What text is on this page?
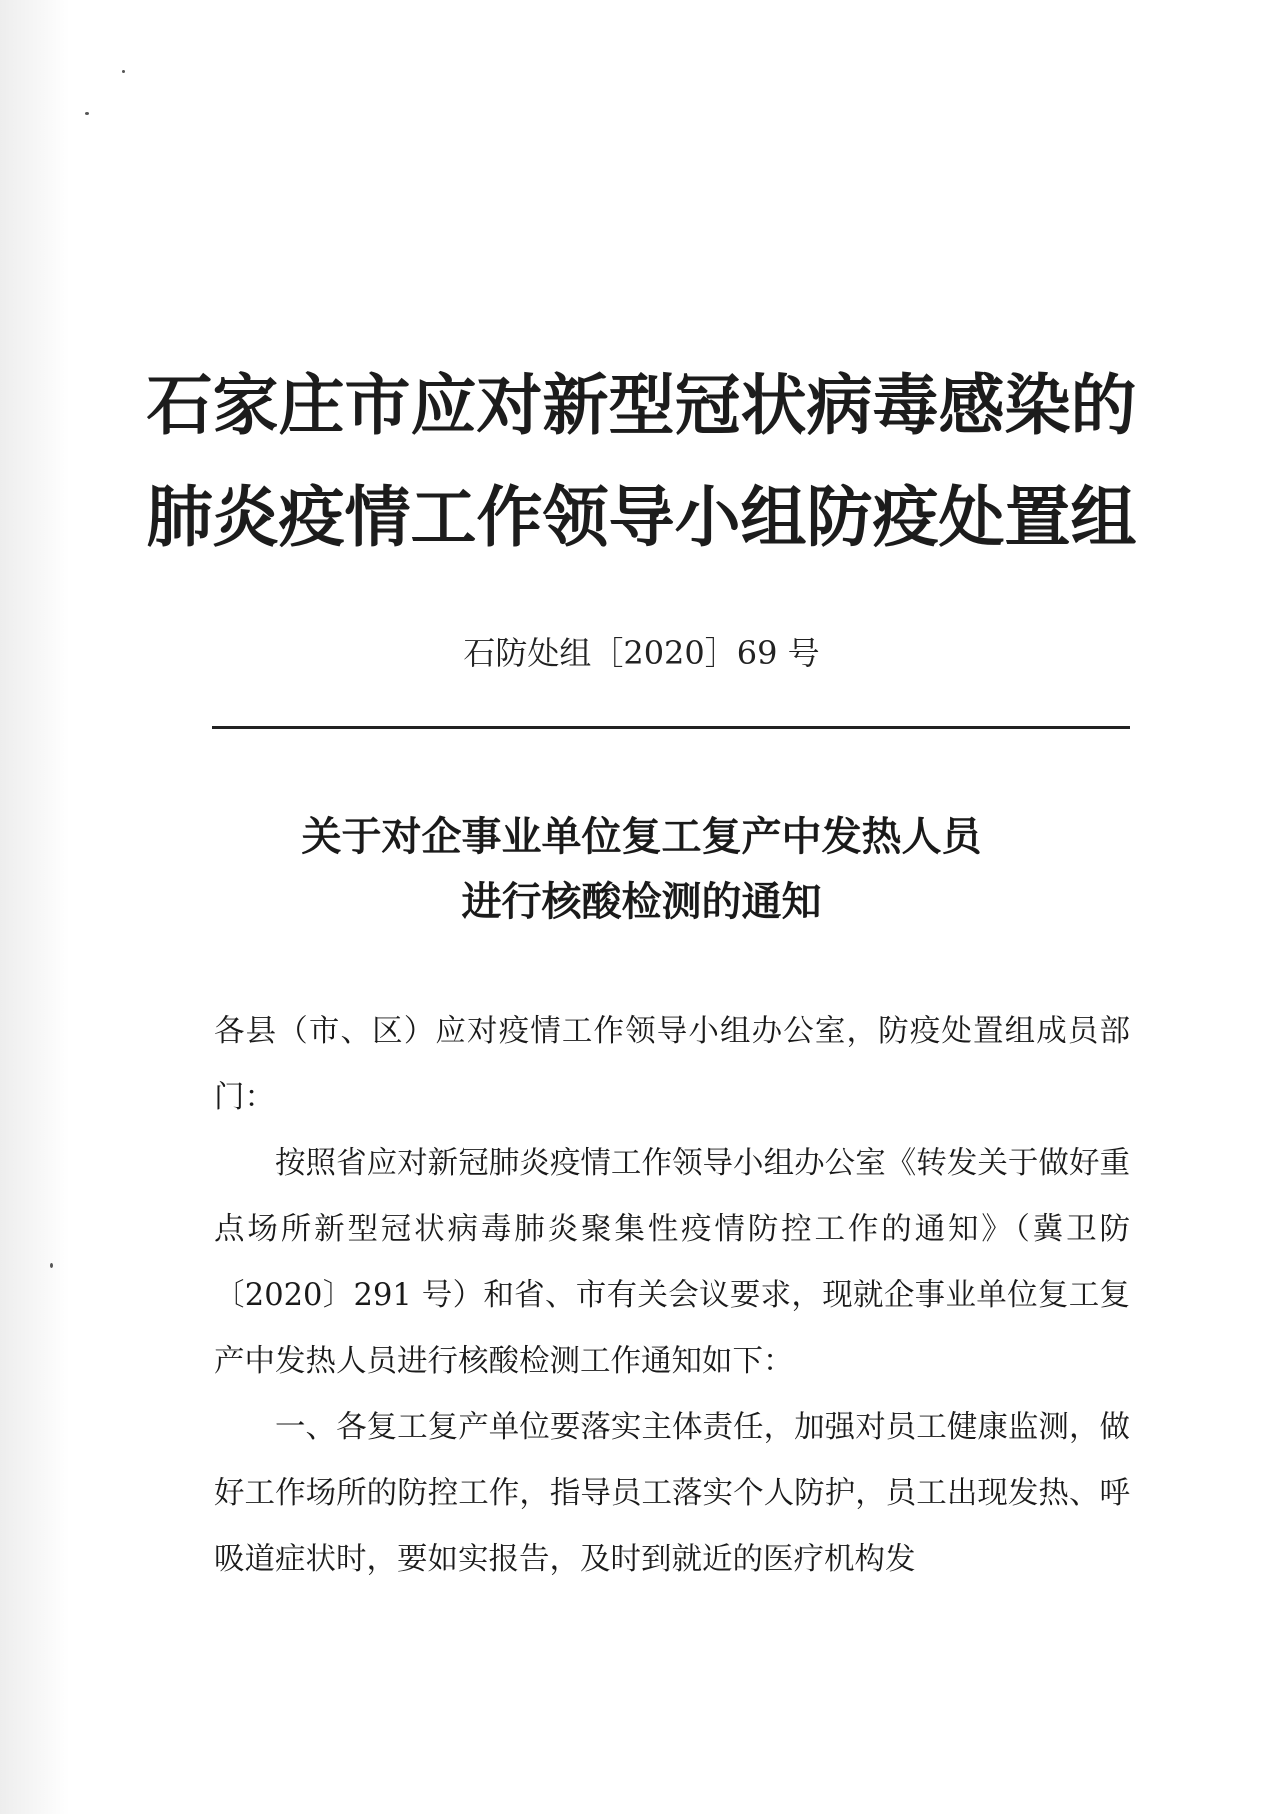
石家庄市应对新型冠状病毒感染的
肺炎疫情工作领导小组防疫处置组
石防处组［2020］69 号
关于对企事业单位复工复产中发热人员
进行核酸检测的通知
各县（市、区）应对疫情工作领导小组办公室，防疫处置组成员部门：
按照省应对新冠肺炎疫情工作领导小组办公室《转发关于做好重点场所新型冠状病毒肺炎聚集性疫情防控工作的通知》（冀卫防〔2020〕291 号）和省、市有关会议要求，现就企事业单位复工复产中发热人员进行核酸检测工作通知如下：
一、各复工复产单位要落实主体责任，加强对员工健康监测，做好工作场所的防控工作，指导员工落实个人防护，员工出现发热、呼吸道症状时，要如实报告，及时到就近的医疗机构发
